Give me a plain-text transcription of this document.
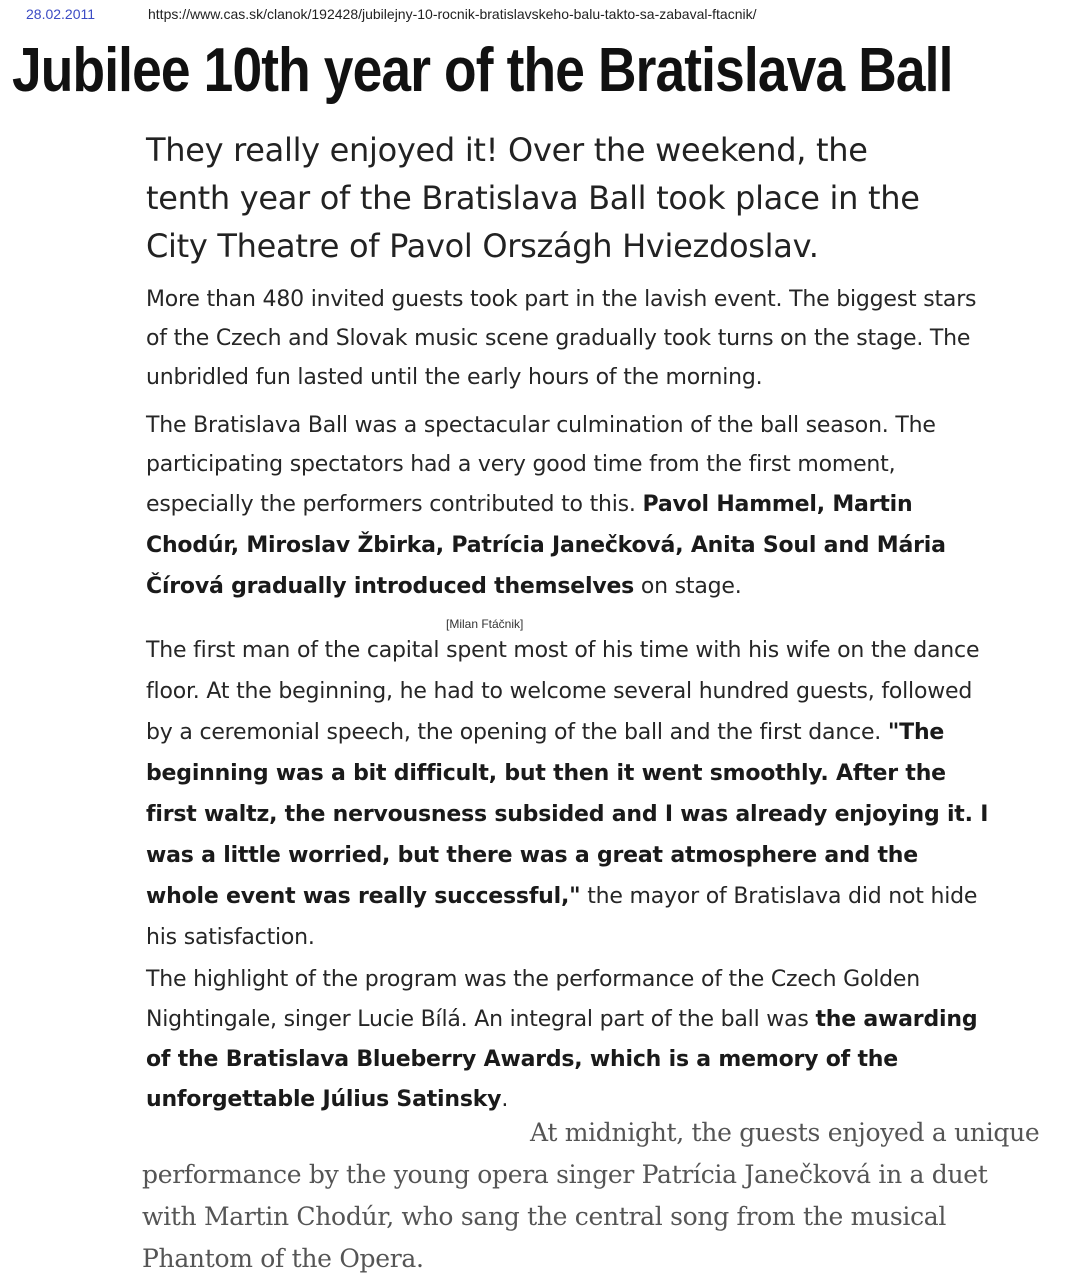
28.02.2011	https://www.cas.sk/clanok/192428/jubilejny-10-rocnik-bratislavskeho-balu-takto-sa-zabaval-ftacnik/
Jubilee 10th year of the Bratislava Ball

They really enjoyed it! Over the weekend, the tenth year of the Bratislava Ball took place in the City Theatre of Pavol Országh Hviezdoslav.

More than 480 invited guests took part in the lavish event. The biggest stars of the Czech and Slovak music scene gradually took turns on the stage. The unbridled fun lasted until the early hours of the morning.

The Bratislava Ball was a spectacular culmination of the ball season. The participating spectators had a very good time from the first moment, especially the performers contributed to this. Pavol Hammel, Martin Chodúr, Miroslav Žbirka, Patrícia Janečková, Anita Soul and Mária Čírová gradually introduced themselves on stage.

[Milan Ftáčnik]

The first man of the capital spent most of his time with his wife on the dance floor. At the beginning, he had to welcome several hundred guests, followed by a ceremonial speech, the opening of the ball and the first dance. "The beginning was a bit difficult, but then it went smoothly. After the first waltz, the nervousness subsided and I was already enjoying it. I was a little worried, but there was a great atmosphere and the whole event was really successful," the mayor of Bratislava did not hide his satisfaction.

The highlight of the program was the performance of the Czech Golden Nightingale, singer Lucie Bílá. An integral part of the ball was the awarding of the Bratislava Blueberry Awards, which is a memory of the unforgettable Július Satinsky.

At midnight, the guests enjoyed a unique performance by the young opera singer Patrícia Janečková in a duet with Martin Chodúr, who sang the central song from the musical Phantom of the Opera.
